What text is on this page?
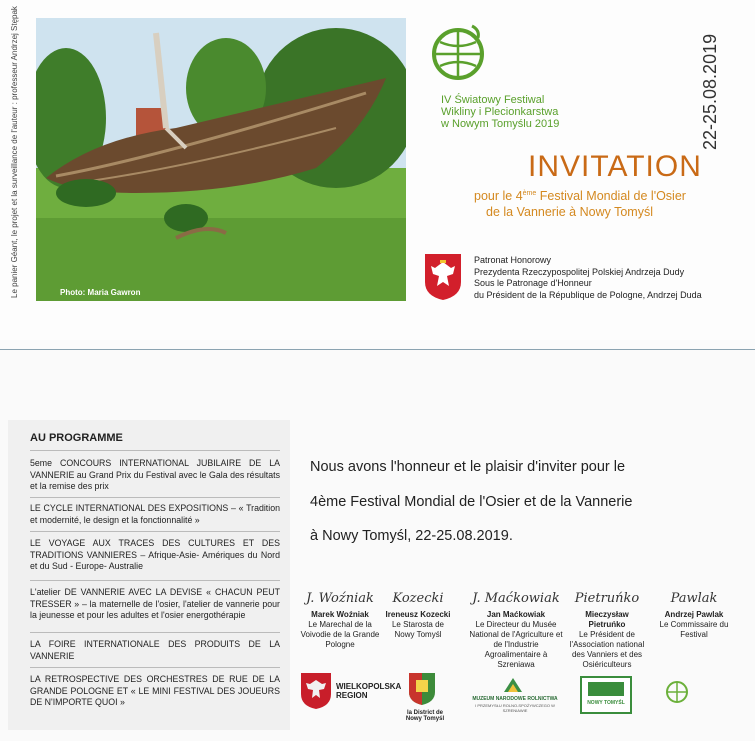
Le panier Géant, le projet et la surveillance de l'auteur : professeur Andrzej Stępak	Photo: Maria Gawron
IV Światowy Festiwal
Wikliny i Plecionkarstwa
w Nowym Tomyślu 2019	22-25.08.2019
INVITATION
pour le 4ème Festival Mondial de l'Osier
de la Vannerie à Nowy Tomyśl
Patronat Honorowy
Prezydenta Rzeczypospolitej Polskiej Andrzeja Dudy
Sous le Patronage d'Honneur
du Président de la République de Pologne, Andrzej Duda
AU PROGRAMME
5eme CONCOURS INTERNATIONAL JUBILAIRE DE LA VANNERIE au Grand Prix du Festival avec le Gala des résultats et la remise des prix
LE CYCLE INTERNATIONAL DES EXPOSITIONS – « Tradition et modernité, le design et la fonctionnalité »
LE VOYAGE AUX TRACES DES CULTURES ET DES TRADITIONS VANNIERES – Afrique-Asie- Amériques du Nord et du Sud - Europe- Australie
L'atelier DE VANNERIE AVEC LA DEVISE « CHACUN PEUT TRESSER » – la maternelle de l'osier, l'atelier de vannerie pour la jeunesse et pour les adultes et l'osier energothérapie
LA FOIRE INTERNATIONALE DES PRODUITS DE LA VANNERIE
LA RETROSPECTIVE DES ORCHESTRES DE RUE DE LA GRANDE POLOGNE ET « LE MINI FESTIVAL DES JOUEURS DE N'IMPORTE QUOI »
Nous avons l'honneur et le plaisir d'inviter pour le
4ème Festival Mondial de l'Osier et de la Vannerie
à Nowy Tomyśl, 22-25.08.2019.
J. Woźniak
Marek Woźniak
Le Marechal de la Voivodie de la Grande Pologne
Kozecki
Ireneusz Kozecki
Le Starosta de Nowy Tomyśl
J. Maćkowiak
Jan Maćkowiak
Le Directeur du Musée National de l'Agriculture et de l'Industrie Agroalimentaire à Szreniawa
Pietruńko
Mieczysław Pietruńko
Le Président de l'Association national des Vanniers et des Osiériculteurs
Pawlak
Andrzej Pawlak
Le Commissaire du Festival
WIELKOPOLSKA REGION
la District de Nowy Tomyśl
MUZEUM NARODOWE ROLNICTWA
I PRZEMYSŁU ROLNO-SPOŻYWCZEGO W SZRENIAWIE
NOWY TOMYŚL
